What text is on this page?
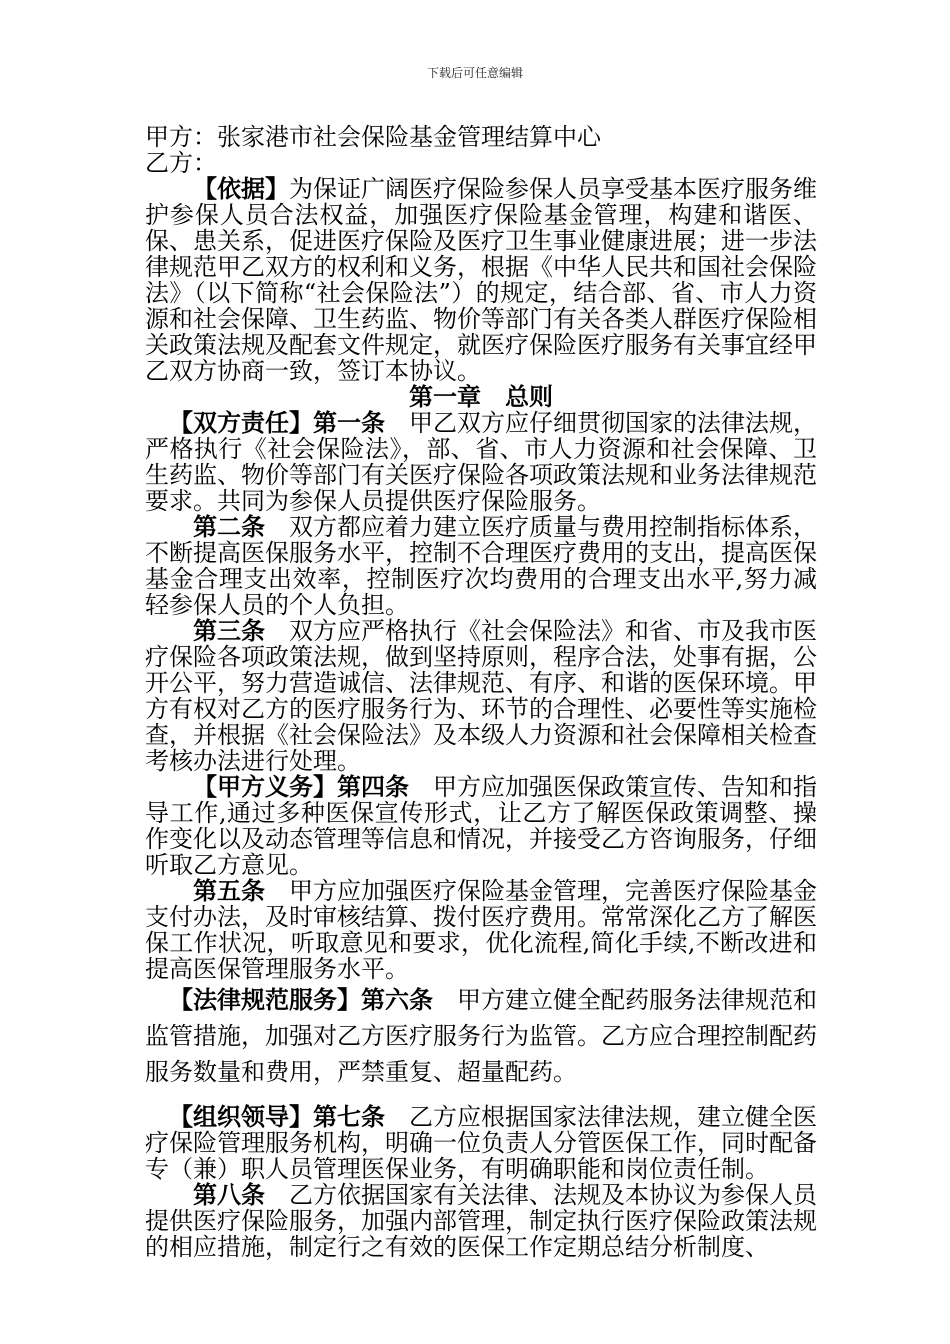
下载后可任意编辑

甲方：张家港市社会保险基金管理结算中心

乙方：

【依据】为保证广阔医疗保险参保人员享受基本医疗服务维护参保人员合法权益，加强医疗保险基金管理，构建和谐医、保、患关系，促进医疗保险及医疗卫生事业健康进展；进一步法律规范甲乙双方的权利和义务，根据《中华人民共和国社会保险法》（以下简称“社会保险法”）的规定，结合部、省、市人力资源和社会保障、卫生药监、物价等部门有关各类人群医疗保险相关政策法规及配套文件规定，就医疗保险医疗服务有关事宜经甲乙双方协商一致，签订本协议。

第一章　总则

【双方责任】第一条　甲乙双方应仔细贯彻国家的法律法规，严格执行《社会保险法》，部、省、市人力资源和社会保障、卫生药监、物价等部门有关医疗保险各项政策法规和业务法律规范要求。共同为参保人员提供医疗保险服务。

第二条　双方都应着力建立医疗质量与费用控制指标体系，不断提高医保服务水平，控制不合理医疗费用的支出，提高医保基金合理支出效率，控制医疗次均费用的合理支出水平,努力减轻参保人员的个人负担。

第三条　双方应严格执行《社会保险法》和省、市及我市医疗保险各项政策法规，做到坚持原则，程序合法，处事有据，公开公平，努力营造诚信、法律规范、有序、和谐的医保环境。甲方有权对乙方的医疗服务行为、环节的合理性、必要性等实施检查，并根据《社会保险法》及本级人力资源和社会保障相关检查考核办法进行处理。

【甲方义务】第四条　甲方应加强医保政策宣传、告知和指导工作,通过多种医保宣传形式，让乙方了解医保政策调整、操作变化以及动态管理等信息和情况，并接受乙方咨询服务，仔细听取乙方意见。

第五条　甲方应加强医疗保险基金管理，完善医疗保险基金支付办法，及时审核结算、拨付医疗费用。常常深化乙方了解医保工作状况，听取意见和要求，优化流程,简化手续,不断改进和提高医保管理服务水平。

【法律规范服务】第六条　甲方建立健全配药服务法律规范和监管措施，加强对乙方医疗服务行为监管。乙方应合理控制配药服务数量和费用，严禁重复、超量配药。

【组织领导】第七条　乙方应根据国家法律法规，建立健全医疗保险管理服务机构，明确一位负责人分管医保工作，同时配备专（兼）职人员管理医保业务，有明确职能和岗位责任制。

第八条　乙方依据国家有关法律、法规及本协议为参保人员提供医疗保险服务，加强内部管理，制定执行医疗保险政策法规的相应措施，制定行之有效的医保工作定期总结分析制度、
